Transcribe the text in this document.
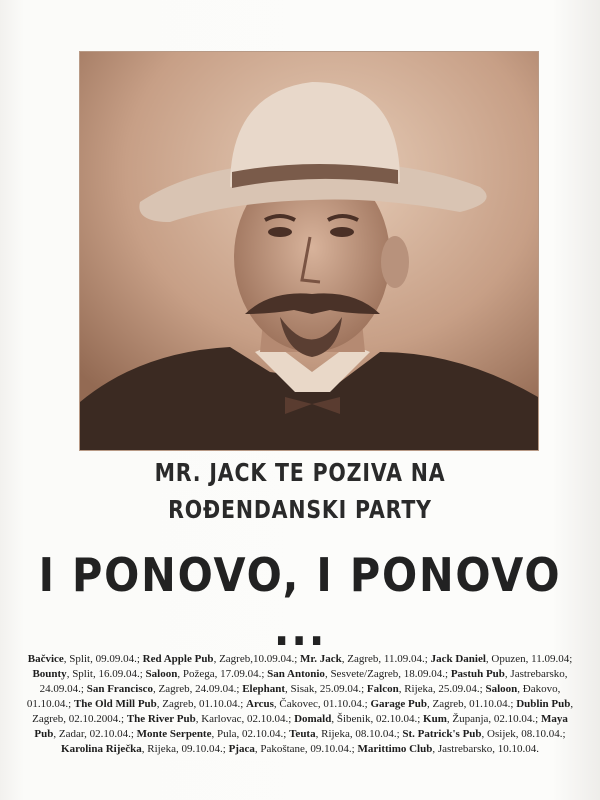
MR. JACK TE POZIVA NA
ROĐENDANSKI PARTY
I PONOVO, I PONOVO ...
Bačvice, Split, 09.09.04.; Red Apple Pub, Zagreb,10.09.04.; Mr. Jack, Zagreb, 11.09.04.; Jack Daniel, Opuzen, 11.09.04; Bounty, Split, 16.09.04.; Saloon, Požega, 17.09.04.; San Antonio, Sesvete/Zagreb, 18.09.04.; Pastuh Pub, Jastrebarsko, 24.09.04.; San Francisco, Zagreb, 24.09.04.; Elephant, Sisak, 25.09.04.; Falcon, Rijeka, 25.09.04.; Saloon, Đakovo, 01.10.04.; The Old Mill Pub, Zagreb, 01.10.04.; Arcus, Čakovec, 01.10.04.; Garage Pub, Zagreb, 01.10.04.; Dublin Pub, Zagreb, 02.10.2004.; The River Pub, Karlovac, 02.10.04.; Domald, Šibenik, 02.10.04.; Kum, Županja, 02.10.04.; Maya Pub, Zadar, 02.10.04.; Monte Serpente, Pula, 02.10.04.; Teuta, Rijeka, 08.10.04.; St. Patrick's Pub, Osijek, 08.10.04.; Karolina Riječka, Rijeka, 09.10.04.; Pjaca, Pakoštane, 09.10.04.; Marittimo Club, Jastrebarsko, 10.10.04.
